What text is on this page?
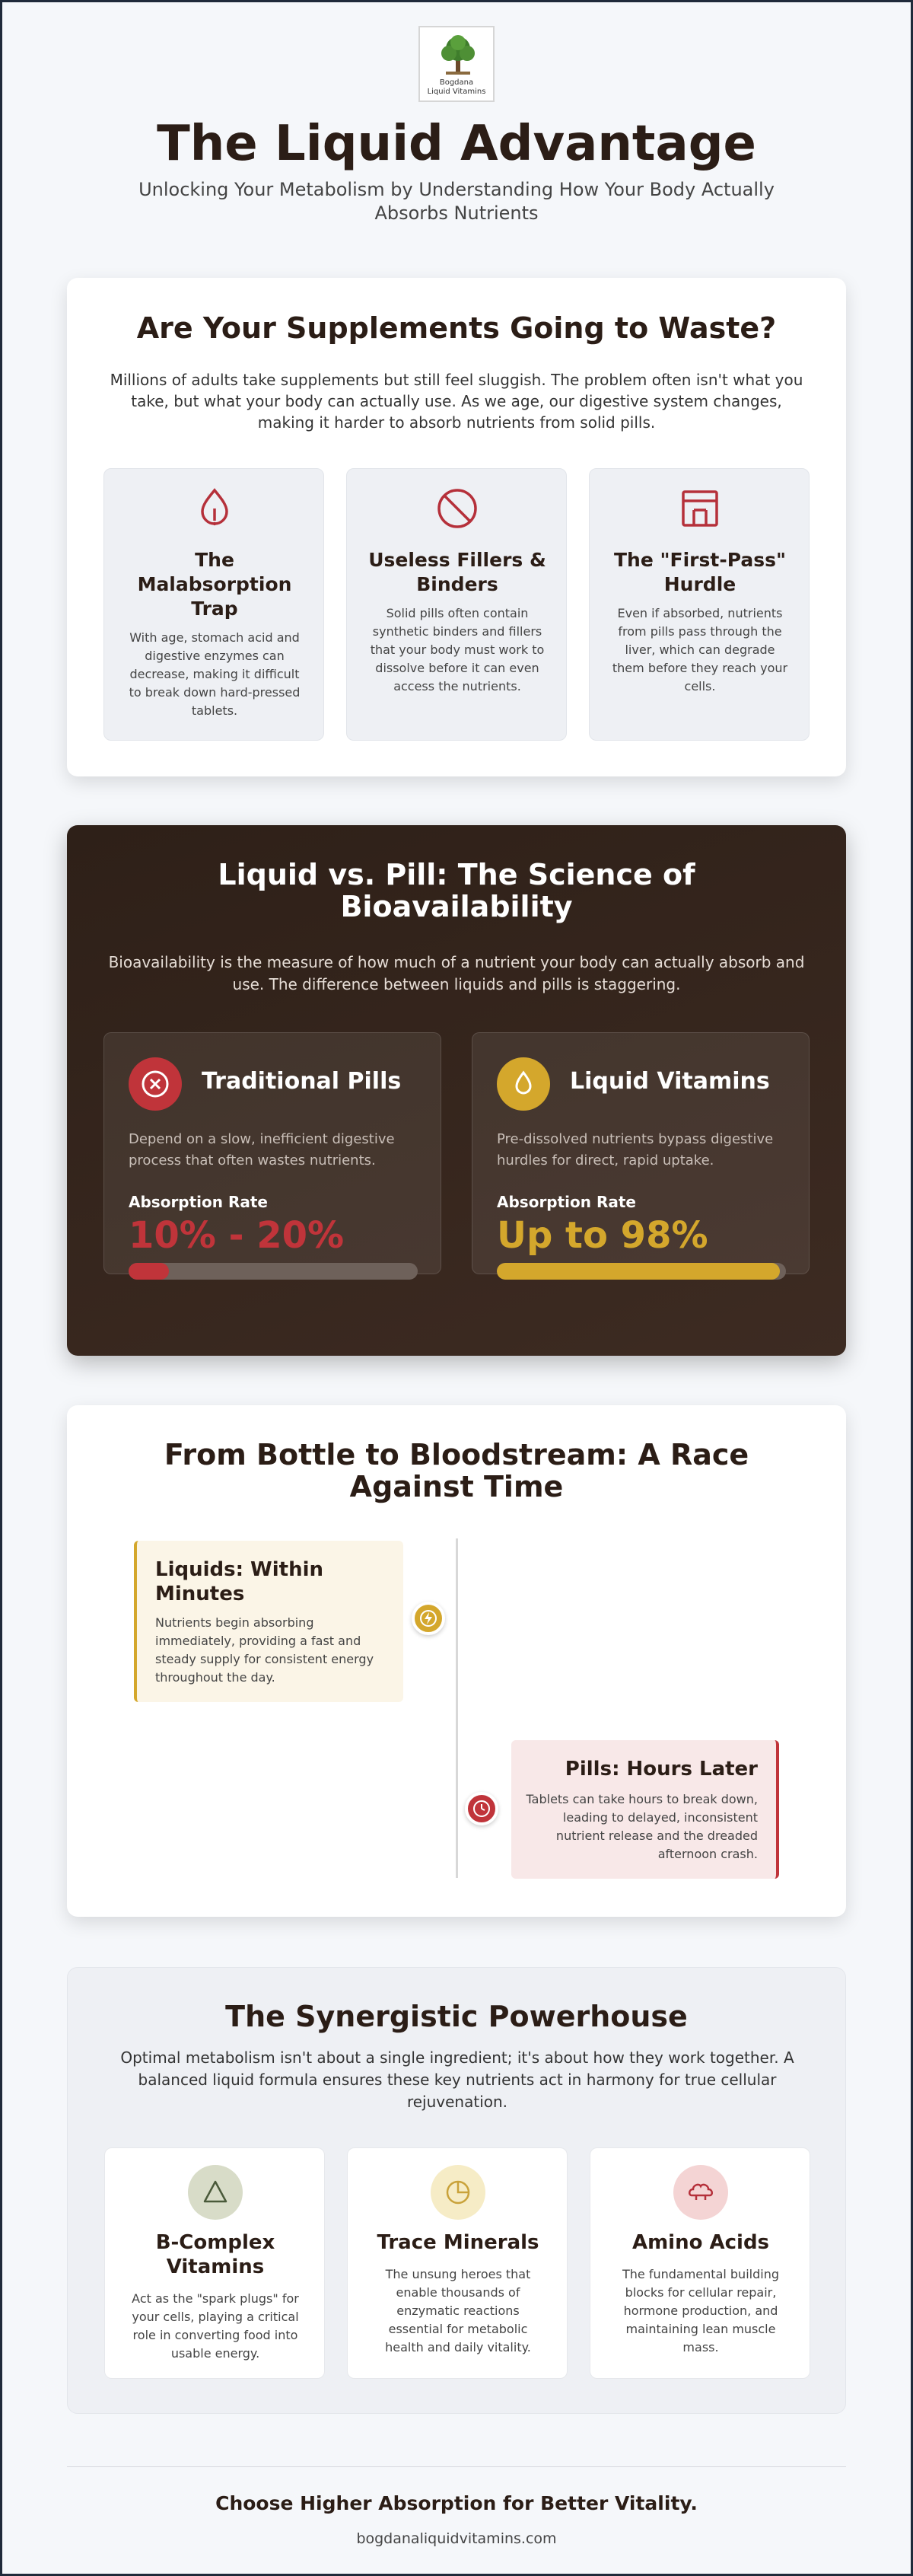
Bogdana
Liquid Vitamins
The Liquid Advantage

Unlocking Your Metabolism by Understanding How Your Body Actually Absorbs Nutrients

Are Your Supplements Going to Waste?

Millions of adults take supplements but still feel sluggish. The problem often isn't what you take, but what your body can actually use. As we age, our digestive system changes, making it harder to absorb nutrients from solid pills.

The Malabsorption Trap
With age, stomach acid and digestive enzymes can decrease, making it difficult to break down hard-pressed tablets.
Useless Fillers & Binders
Solid pills often contain synthetic binders and fillers that your body must work to dissolve before it can even access the nutrients.
The "First-Pass" Hurdle
Even if absorbed, nutrients from pills pass through the liver, which can degrade them before they reach your cells.
Liquid vs. Pill: The Science of Bioavailability

Bioavailability is the measure of how much of a nutrient your body can actually absorb and use. The difference between liquids and pills is staggering.

Traditional Pills
Depend on a slow, inefficient digestive process that often wastes nutrients.
Absorption Rate
10% - 20%
Liquid Vitamins
Pre-dissolved nutrients bypass digestive hurdles for direct, rapid uptake.
Absorption Rate
Up to 98%
From Bottle to Bloodstream: A Race Against Time
Liquids: Within Minutes
Nutrients begin absorbing immediately, providing a fast and steady supply for consistent energy throughout the day.
Pills: Hours Later
Tablets can take hours to break down, leading to delayed, inconsistent nutrient release and the dreaded afternoon crash.
The Synergistic Powerhouse

Optimal metabolism isn't about a single ingredient; it's about how they work together. A balanced liquid formula ensures these key nutrients act in harmony for true cellular rejuvenation.

B-Complex Vitamins
Act as the "spark plugs" for your cells, playing a critical role in converting food into usable energy.
Trace Minerals
The unsung heroes that enable thousands of enzymatic reactions essential for metabolic health and daily vitality.
Amino Acids
The fundamental building blocks for cellular repair, hormone production, and maintaining lean muscle mass.
Choose Higher Absorption for Better Vitality.
bogdanaliquidvitamins.com
